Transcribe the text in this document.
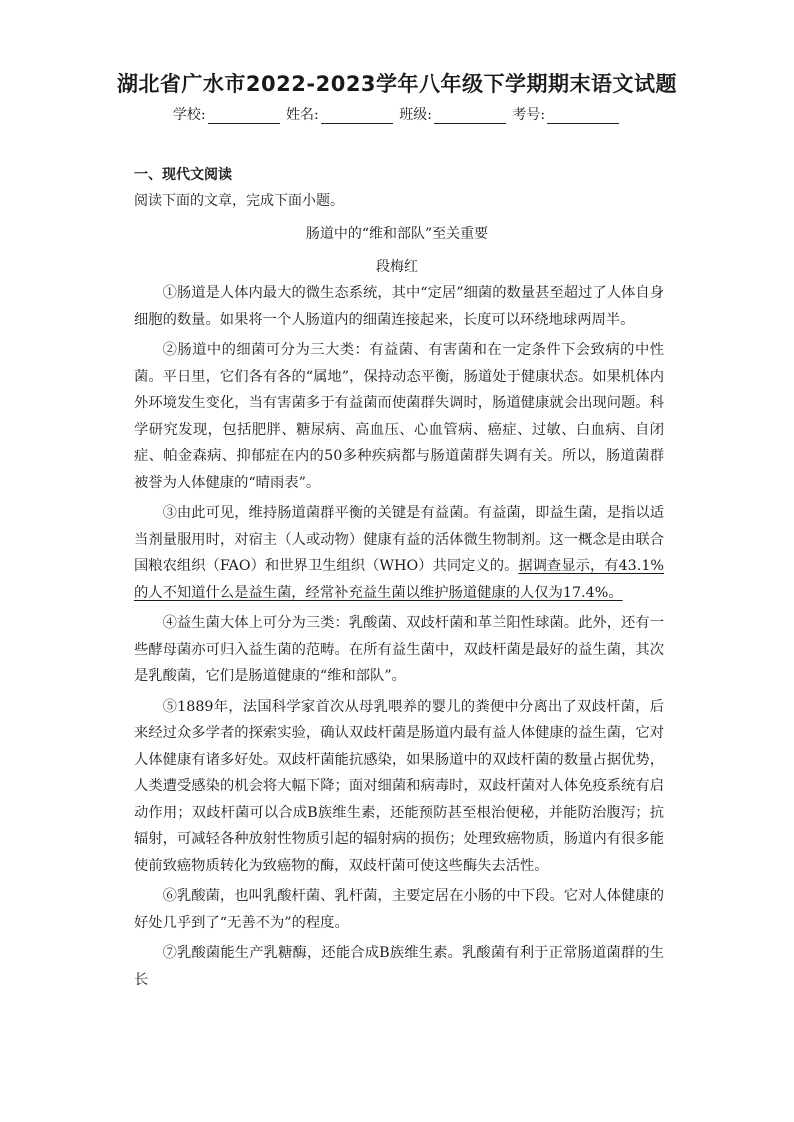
湖北省广水市2022-2023学年八年级下学期期末语文试题
学校:	姓名:	班级:	考号:
一、现代文阅读
阅读下面的文章，完成下面小题。
肠道中的“维和部队”至关重要
段梅红

①肠道是人体内最大的微生态系统，其中“定居”细菌的数量甚至超过了人体自身细胞的数量。如果将一个人肠道内的细菌连接起来，长度可以环绕地球两周半。

②肠道中的细菌可分为三大类：有益菌、有害菌和在一定条件下会致病的中性菌。平日里，它们各有各的“属地”，保持动态平衡，肠道处于健康状态。如果机体内外环境发生变化，当有害菌多于有益菌而使菌群失调时，肠道健康就会出现问题。科学研究发现，包括肥胖、糖尿病、高血压、心血管病、癌症、过敏、白血病、自闭症、帕金森病、抑郁症在内的50多种疾病都与肠道菌群失调有关。所以，肠道菌群被誉为人体健康的“晴雨表”。

③由此可见，维持肠道菌群平衡的关键是有益菌。有益菌，即益生菌，是指以适当剂量服用时，对宿主（人或动物）健康有益的活体微生物制剂。这一概念是由联合国粮农组织（FAO）和世界卫生组织（WHO）共同定义的。据调查显示，有43.1%的人不知道什么是益生菌，经常补充益生菌以维护肠道健康的人仅为17.4%。

④益生菌大体上可分为三类：乳酸菌、双歧杆菌和革兰阳性球菌。此外，还有一些酵母菌亦可归入益生菌的范畴。在所有益生菌中，双歧杆菌是最好的益生菌，其次是乳酸菌，它们是肠道健康的“维和部队”。

⑤1889年，法国科学家首次从母乳喂养的婴儿的粪便中分离出了双歧杆菌，后来经过众多学者的探索实验，确认双歧杆菌是肠道内最有益人体健康的益生菌，它对人体健康有诸多好处。双歧杆菌能抗感染，如果肠道中的双歧杆菌的数量占据优势，人类遭受感染的机会将大幅下降；面对细菌和病毒时，双歧杆菌对人体免疫系统有启动作用；双歧杆菌可以合成B族维生素，还能预防甚至根治便秘，并能防治腹泻；抗辐射，可减轻各种放射性物质引起的辐射病的损伤；处理致癌物质，肠道内有很多能使前致癌物质转化为致癌物的酶，双歧杆菌可使这些酶失去活性。

⑥乳酸菌，也叫乳酸杆菌、乳杆菌，主要定居在小肠的中下段。它对人体健康的好处几乎到了“无善不为”的程度。

⑦乳酸菌能生产乳糖酶，还能合成B族维生素。乳酸菌有利于正常肠道菌群的生长
